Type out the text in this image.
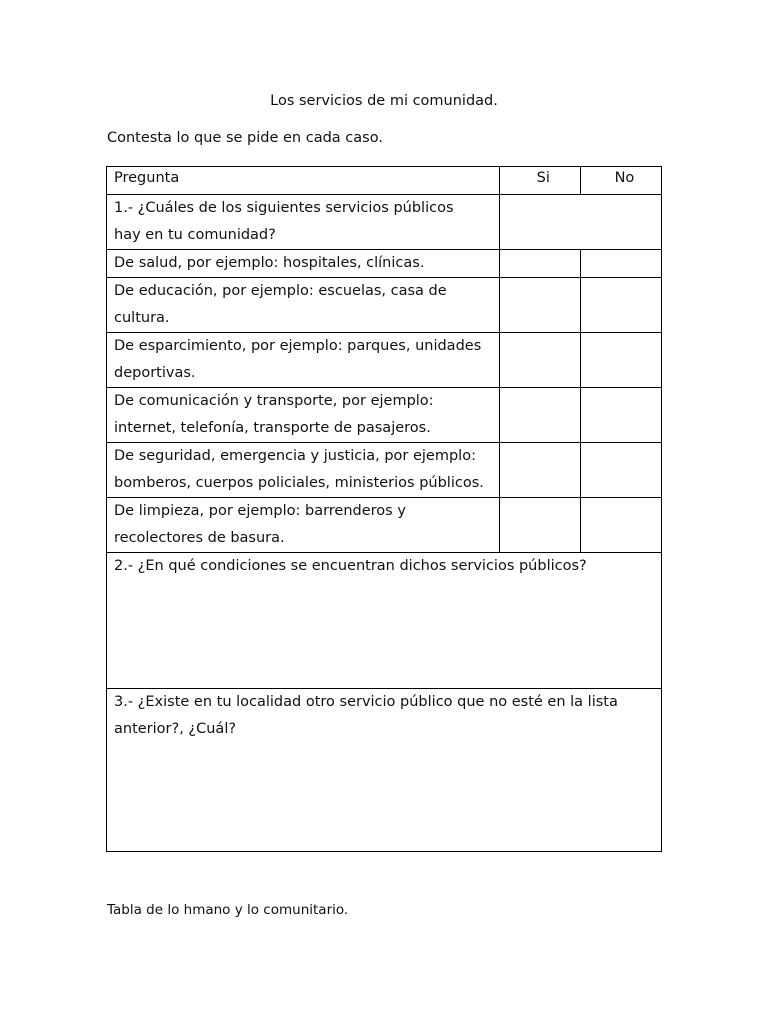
Los servicios de mi comunidad.
Contesta lo que se pide en cada caso.
Pregunta	Si	No

1.- ¿Cuáles de los siguientes servicios públicos hay en tu comunidad?		

De salud, por ejemplo: hospitales, clínicas.		
De educación, por ejemplo: escuelas, casa de cultura.		
De esparcimiento, por ejemplo: parques, unidades deportivas.		
De comunicación y transporte, por ejemplo: internet, telefonía, transporte de pasajeros.		
De seguridad, emergencia y justicia, por ejemplo: bomberos, cuerpos policiales, ministerios públicos.		
De limpieza, por ejemplo: barrenderos y recolectores de basura.		
2.- ¿En qué condiciones se encuentran dichos servicios públicos?		
3.- ¿Existe en tu localidad otro servicio público que no esté en la lista anterior?, ¿Cuál?		
Tabla de lo hmano y lo comunitario.
